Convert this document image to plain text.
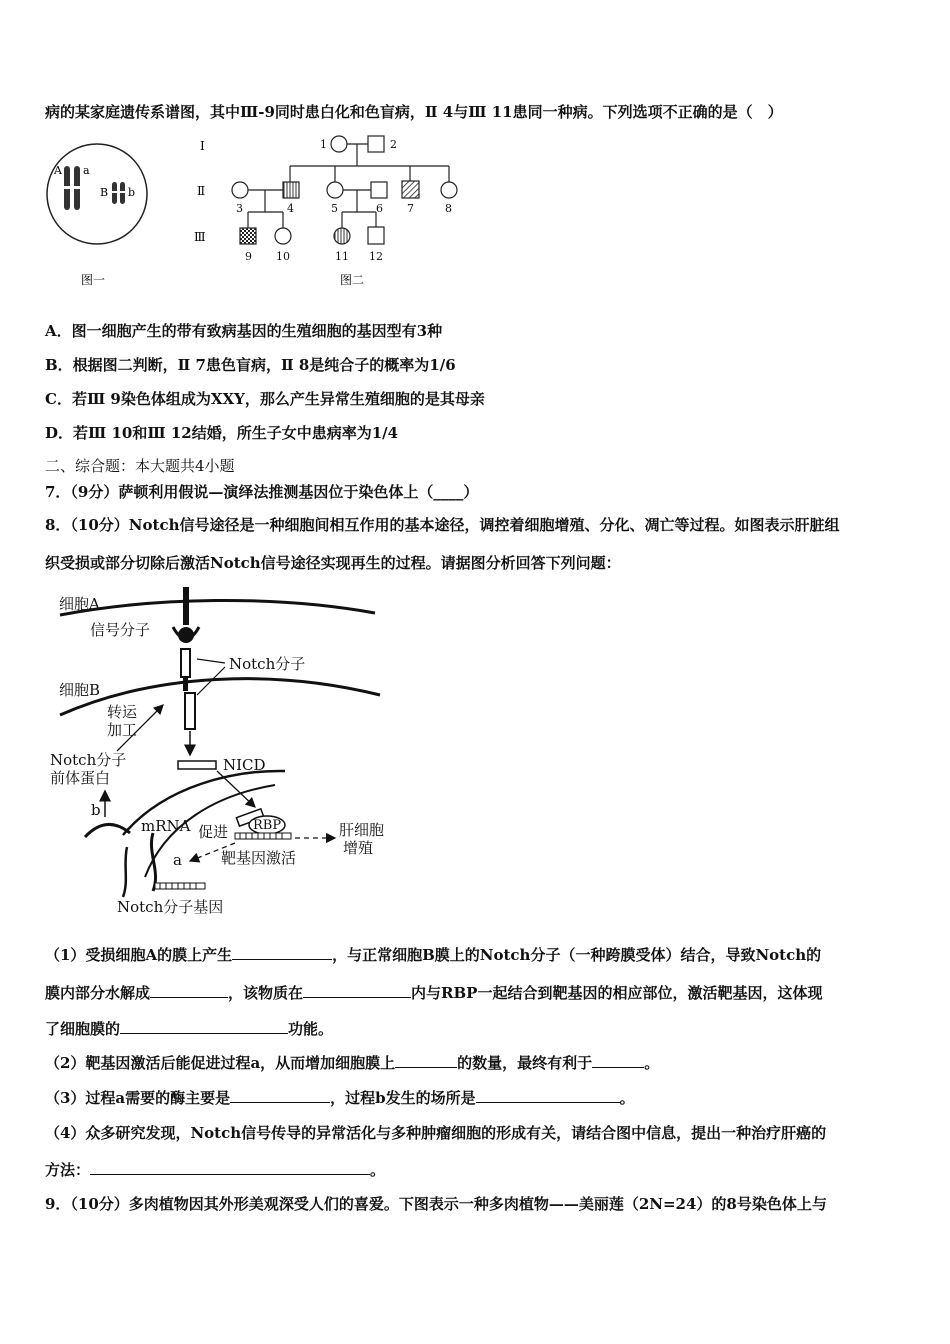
病的某家庭遗传系谱图，其中Ⅲ-9同时患白化和色盲病，Ⅱ 4与Ⅲ 11患同一种病。下列选项不正确的是（　）
A a
B b
图一
Ⅰ
Ⅱ
Ⅲ
1	2
3	4	5	6 7	8
9 10	11 12
图二
A．图一细胞产生的带有致病基因的生殖细胞的基因型有3种
B．根据图二判断，Ⅱ 7患色盲病，Ⅱ 8是纯合子的概率为1/6
C．若Ⅲ 9染色体组成为XXY，那么产生异常生殖细胞的是其母亲
D．若Ⅲ 10和Ⅲ 12结婚，所生子女中患病率为1/4
二、综合题：本大题共4小题
7．（9分）萨顿利用假说—演绎法推测基因位于染色体上（____）
8．（10分）Notch信号途径是一种细胞间相互作用的基本途径，调控着细胞增殖、分化、凋亡等过程。如图表示肝脏组
织受损或部分切除后激活Notch信号途径实现再生的过程。请据图分析回答下列问题：
细胞A
信号分子
Notch分子
细胞B
转运
加工
Notch分子
前体蛋白
NICD
b
mRNA 促进 RBP	肝细胞
增殖
a	靶基因激活
Notch分子基因
（1）受损细胞A的膜上产生	，与正常细胞B膜上的Notch分子（一种跨膜受体）结合，导致Notch的
膜内部分水解成	，该物质在	内与RBP一起结合到靶基因的相应部位，激活靶基因，这体现
了细胞膜的	功能。
（2）靶基因激活后能促进过程a，从而增加细胞膜上	的数量，最终有利于	。
（3）过程a需要的酶主要是	，过程b发生的场所是	。
（4）众多研究发现，Notch信号传导的异常活化与多种肿瘤细胞的形成有关，请结合图中信息，提出一种治疗肝癌的
方法：	。
9．（10分）多肉植物因其外形美观深受人们的喜爱。下图表示一种多肉植物——美丽莲（2N=24）的8号染色体上与
